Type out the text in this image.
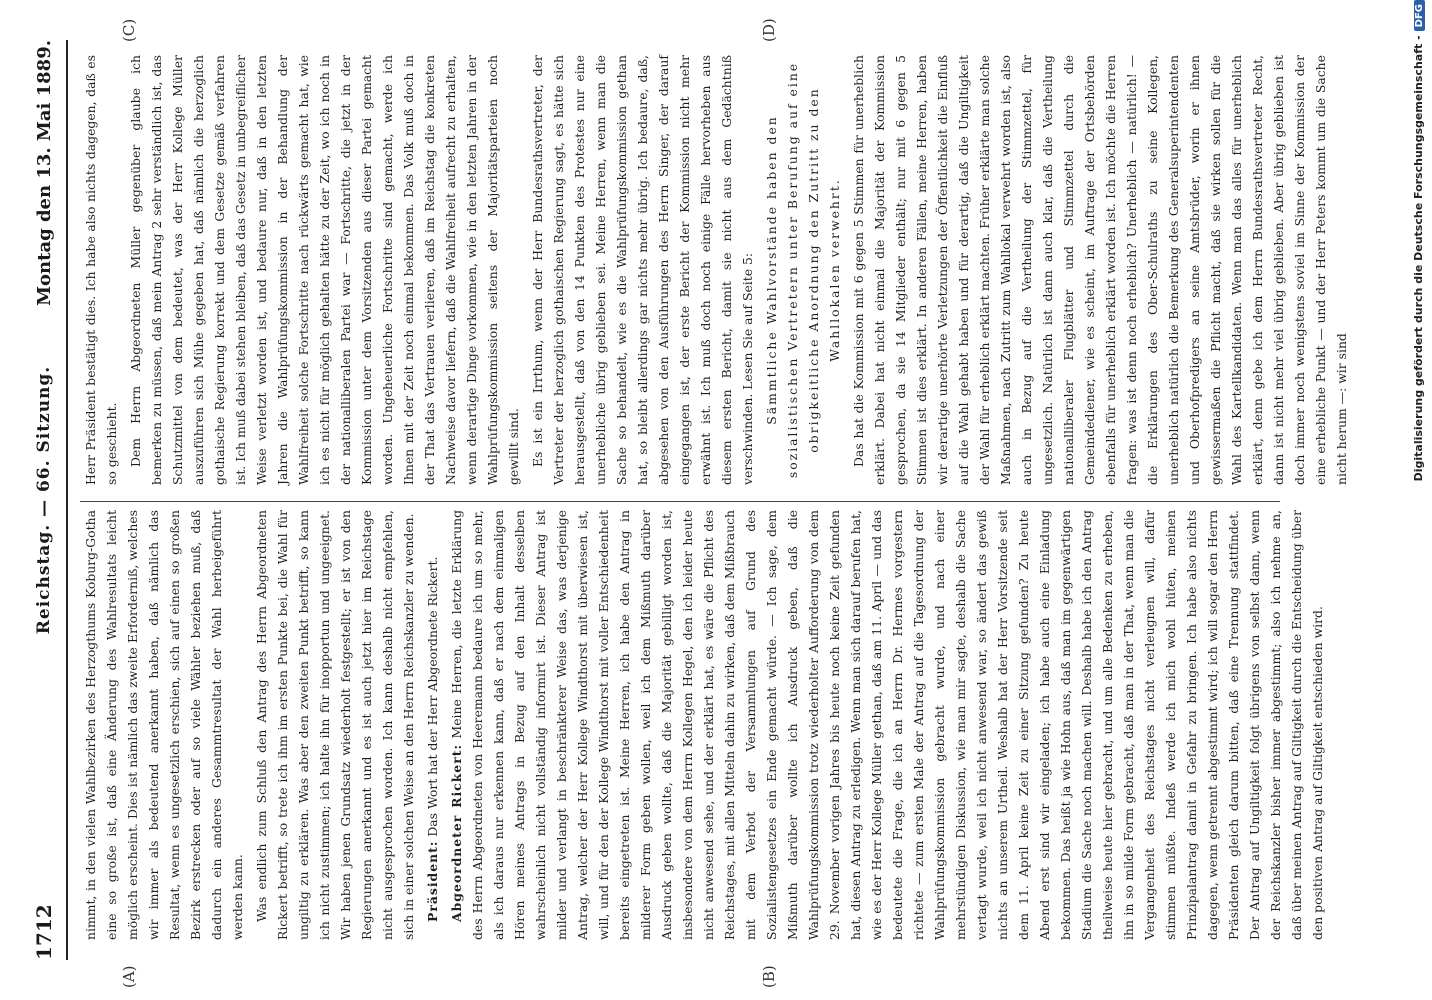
1712
Reichstag. — 66. Sitzung.
Montag den 13. Mai 1889.
(A)	(B)
(C)	(D)

nimmt, in den vielen Wahlbezirken des Herzogthums Koburg-Gotha eine so große ist, daß eine Änderung des Wahlresultats leicht möglich erscheint. Dies ist nämlich das zweite Erforderniß, welches wir immer als bedeutend anerkannt haben, daß nämlich das Resultat, wenn es ungesetzlich erschien, sich auf einen so großen Bezirk erstrecken oder auf so viele Wähler beziehen muß, daß dadurch ein anderes Gesammtresultat der Wahl herbeigeführt werden kann. Was endlich zum Schluß den Antrag des Herrn Abgeordneten Rickert betrifft, so trete ich ihm im ersten Punkte bei, die Wahl für ungiltig zu erklären. Was aber den zweiten Punkt betrifft, so kann ich nicht zustimmen; ich halte ihn für inopportun und ungeeignet. Wir haben jenen Grundsatz wiederholt festgestellt; er ist von den Regierungen anerkannt und es ist auch jetzt hier im Reichstage nicht ausgesprochen worden. Ich kann deshalb nicht empfehlen, sich in einer solchen Weise an den Herrn Reichskanzler zu wenden. Präsident: Das Wort hat der Herr Abgeordnete Rickert. Abgeordneter Rickert: Meine Herren, die letzte Erklärung des Herrn Abgeordneten von Heeremann bedaure ich um so mehr, als ich daraus nur erkennen kann, daß er nach dem einmaligen Hören meines Antrags in Bezug auf den Inhalt desselben wahrscheinlich nicht vollständig informirt ist. Dieser Antrag ist milder und verlangt in beschränkterer Weise das, was derjenige Antrag, welcher der Herr Kollege Windthorst mit überwiesen ist, will, und für den der Kollege Windthorst mit voller Entschiedenheit bereits eingetreten ist. Meine Herren, ich habe den Antrag in milderer Form geben wollen, weil ich dem Mißmuth darüber Ausdruck geben wollte, daß die Majorität gebilligt worden ist, insbesondere von dem Herrn Kollegen Hegel, den ich leider heute nicht anwesend sehe, und der erklärt hat, es wäre die Pflicht des Reichstages, mit allen Mitteln dahin zu wirken, daß dem Mißbrauch mit dem Verbot der Versammlungen auf Grund des Sozialistengesetzes ein Ende gemacht würde. — Ich sage, dem Mißmuth darüber wollte ich Ausdruck geben, daß die Wahlprüfungskommission trotz wiederholter Aufforderung von dem 29. November vorigen Jahres bis heute noch keine Zeit gefunden hat, diesen Antrag zu erledigen. Wenn man sich darauf berufen hat, wie es der Herr Kollege Müller gethan, daß am 11. April — und das bedeutete die Frage, die ich an Herrn Dr. Hermes vorgestern richtete — zum ersten Male der Antrag auf die Tagesordnung der Wahlprüfungskommission gebracht wurde, und nach einer mehrstündigen Diskussion, wie man mir sagte, deshalb die Sache vertagt wurde, weil ich nicht anwesend war, so ändert das gewiß nichts an unserem Urtheil. Weshalb hat der Herr Vorsitzende seit dem 11. April keine Zeit zu einer Sitzung gefunden? Zu heute Abend erst sind wir eingeladen; ich habe auch eine Einladung bekommen. Das heißt ja wie Hohn aus, daß man im gegenwärtigen Stadium die Sache noch machen will. Deshalb habe ich den Antrag theilweise heute hier gebracht, und um alle Bedenken zu erheben, ihn in so milde Form gebracht, daß man in der That, wenn man die Vergangenheit des Reichstages nicht verleugnen will, dafür stimmen müßte. Indeß werde ich mich wohl hüten, meinen Prinzipalantrag damit in Gefahr zu bringen. Ich habe also nichts dagegen, wenn getrennt abgestimmt wird; ich will sogar den Herrn Präsidenten gleich darum bitten, daß eine Trennung stattfindet. Der Antrag auf Ungiltigkeit folgt übrigens von selbst dann, wenn der Reichskanzler bisher immer abgestimmt; also ich nehme an, daß über meinen Antrag auf Giltigkeit durch die Entscheidung über den positiven Antrag auf Giltigkeit entschieden wird.

Herr Präsident bestätigt dies. Ich habe also nichts dagegen, daß es so geschieht. Dem Herrn Abgeordneten Müller gegenüber glaube ich bemerken zu müssen, daß mein Antrag 2 sehr verständlich ist, das Schutzmittel von dem bedeutet, was der Herr Kollege Müller auszuführen sich Mühe gegeben hat, daß nämlich die herzoglich gothaische Regierung korrekt und dem Gesetze gemäß verfahren ist. Ich muß dabei stehen bleiben, daß das Gesetz in unbegreiflicher Weise verletzt worden ist, und bedaure nur, daß in den letzten Jahren die Wahlprüfungskommission in der Behandlung der Wahlfreiheit solche Fortschritte nach rückwärts gemacht hat, wie ich es nicht für möglich gehalten hätte zu der Zeit, wo ich noch in der nationalliberalen Partei war — Fortschritte, die jetzt in der Kommission unter dem Vorsitzenden aus dieser Partei gemacht worden. Ungeheuerliche Fortschritte sind gemacht, werde ich Ihnen mit der Zeit noch einmal bekommen. Das Volk muß doch in der That das Vertrauen verlieren, daß im Reichstag die konkreten Nachweise davor liefern, daß die Wahlfreiheit aufrecht zu erhalten, wenn derartige Dinge vorkommen, wie in den letzten Jahren in der Wahlprüfungskommission seitens der Majoritätsparteien noch gewillt sind. Es ist ein Irrthum, wenn der Herr Bundesrathsvertreter, der Vertreter der herzoglich gothaischen Regierung sagt, es hätte sich herausgestellt, daß von den 14 Punkten des Protestes nur eine unerhebliche übrig geblieben sei. Meine Herren, wenn man die Sache so behandelt, wie es die Wahlprüfungskommission gethan hat, so bleibt allerdings gar nichts mehr übrig. Ich bedaure, daß, abgesehen von den Ausführungen des Herrn Singer, der darauf eingegangen ist, der erste Bericht der Kommission nicht mehr erwähnt ist. Ich muß doch noch einige Fälle hervorheben aus diesem ersten Bericht, damit sie nicht aus dem Gedächtniß verschwinden. Lesen Sie auf Seite 5: Sämmtliche Wahlvorstände haben den sozialistischen Vertretern unter Berufung auf eine obrigkeitliche Anordnung den Zutritt zu den Wahllokalen verwehrt. Das hat die Kommission mit 6 gegen 5 Stimmen für unerheblich erklärt. Dabei hat nicht einmal die Majorität der Kommission gesprochen, da sie 14 Mitglieder enthält; nur mit 6 gegen 5 Stimmen ist dies erklärt. In anderen Fällen, meine Herren, haben wir derartige unerhörte Verletzungen der Öffentlichkeit die Einfluß auf die Wahl gehabt haben und für derartig, daß die Ungiltigkeit der Wahl für erheblich erklärt machten. Früher erklärte man solche Maßnahmen, nach Zutritt zum Wahllokal verwehrt worden ist, also auch in Bezug auf die Vertheilung der Stimmzettel, für ungesetzlich. Natürlich ist dann auch klar, daß die Vertheilung nationalliberaler Flugblätter und Stimmzettel durch die Gemeindediener, wie es scheint, im Auftrage der Ortsbehörden ebenfalls für unerheblich erklärt worden ist. Ich möchte die Herren fragen: was ist denn noch erheblich? Unerheblich — natürlich! — die Erklärungen des Ober-Schulraths zu seine Kollegen, unerheblich natürlich die Bemerkung des Generalsuperintendenten und Oberhofpredigers an seine Amtsbrüder, worin er ihnen gewissermaßen die Pflicht macht, daß sie wirken sollen für die Wahl des Kartellkandidaten. Wenn man das alles für unerheblich erklärt, denn gebe ich dem Herrn Bundesrathsvertreter Recht, dann ist nicht mehr viel übrig geblieben. Aber übrig geblieben ist doch immer noch wenigstens soviel im Sinne der Kommission der eine erhebliche Punkt — und der Herr Peters kommt um die Sache nicht herum —: wir sind	Digitalisierung gefördert durch die Deutsche Forschungsgemeinschaft -DFG
